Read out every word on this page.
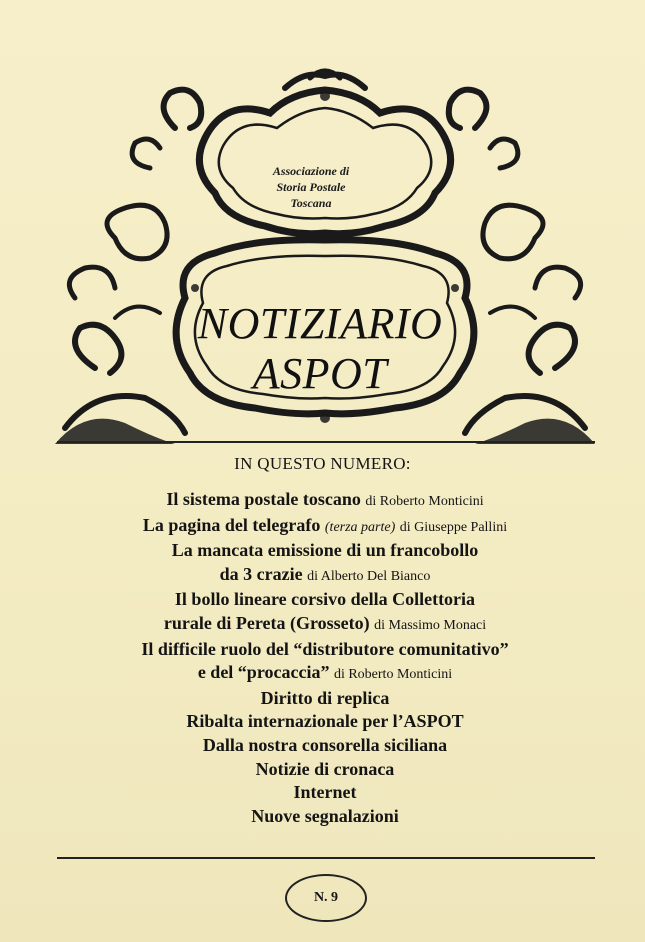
Associazione di
Storia Postale
Toscana
NOTIZIARIO
ASPOT
IN QUESTO NUMERO:
Il sistema postale toscano di Roberto Monticini
La pagina del telegrafo (terza parte) di Giuseppe Pallini
La mancata emissione di un francobollo
da 3 crazie di Alberto Del Bianco
Il bollo lineare corsivo della Collettoria
rurale di Pereta (Grosseto) di Massimo Monaci
Il difficile ruolo del “distributore comunitativo”
e del “procaccia” di Roberto Monticini
Diritto di replica
Ribalta internazionale per l’ASPOT
Dalla nostra consorella siciliana
Notizie di cronaca
Internet
Nuove segnalazioni
N. 9
